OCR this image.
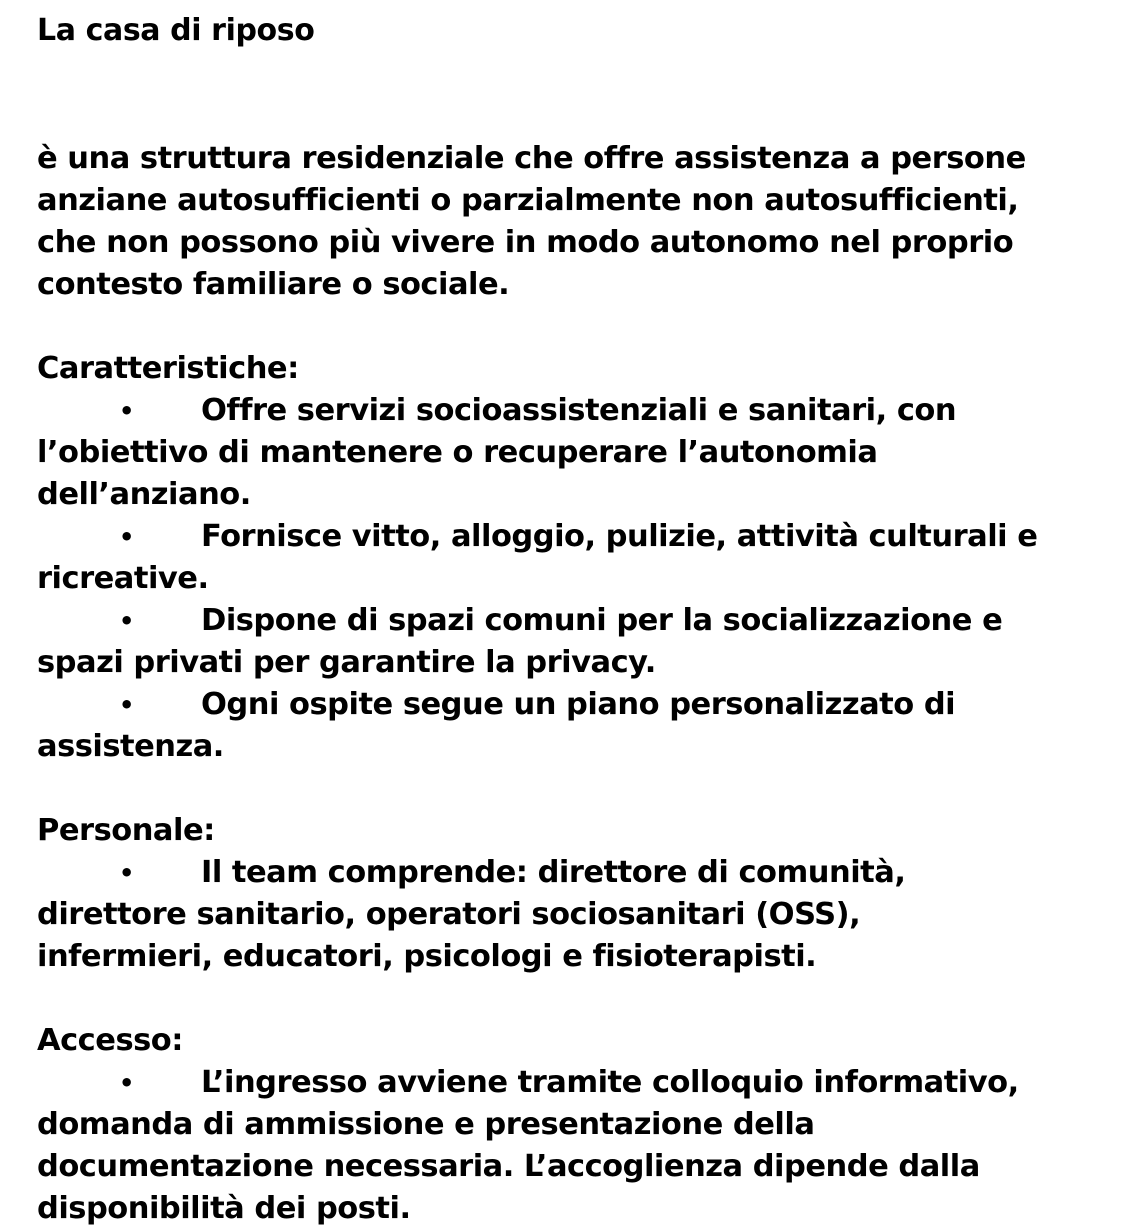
La casa di riposo
è una struttura residenziale che offre assistenza a persone
anziane autosufficienti o parzialmente non autosufficienti,
che non possono più vivere in modo autonomo nel proprio
contesto familiare o sociale.
Caratteristiche:
• Offre servizi socioassistenziali e sanitari, con
l’obiettivo di mantenere o recuperare l’autonomia
dell’anziano.
• Fornisce vitto, alloggio, pulizie, attività culturali e
ricreative.
• Dispone di spazi comuni per la socializzazione e
spazi privati per garantire la privacy.
• Ogni ospite segue un piano personalizzato di
assistenza.
Personale:
• Il team comprende: direttore di comunità,
direttore sanitario, operatori sociosanitari (OSS),
infermieri, educatori, psicologi e fisioterapisti.
Accesso:
• L’ingresso avviene tramite colloquio informativo,
domanda di ammissione e presentazione della
documentazione necessaria. L’accoglienza dipende dalla
disponibilità dei posti.
